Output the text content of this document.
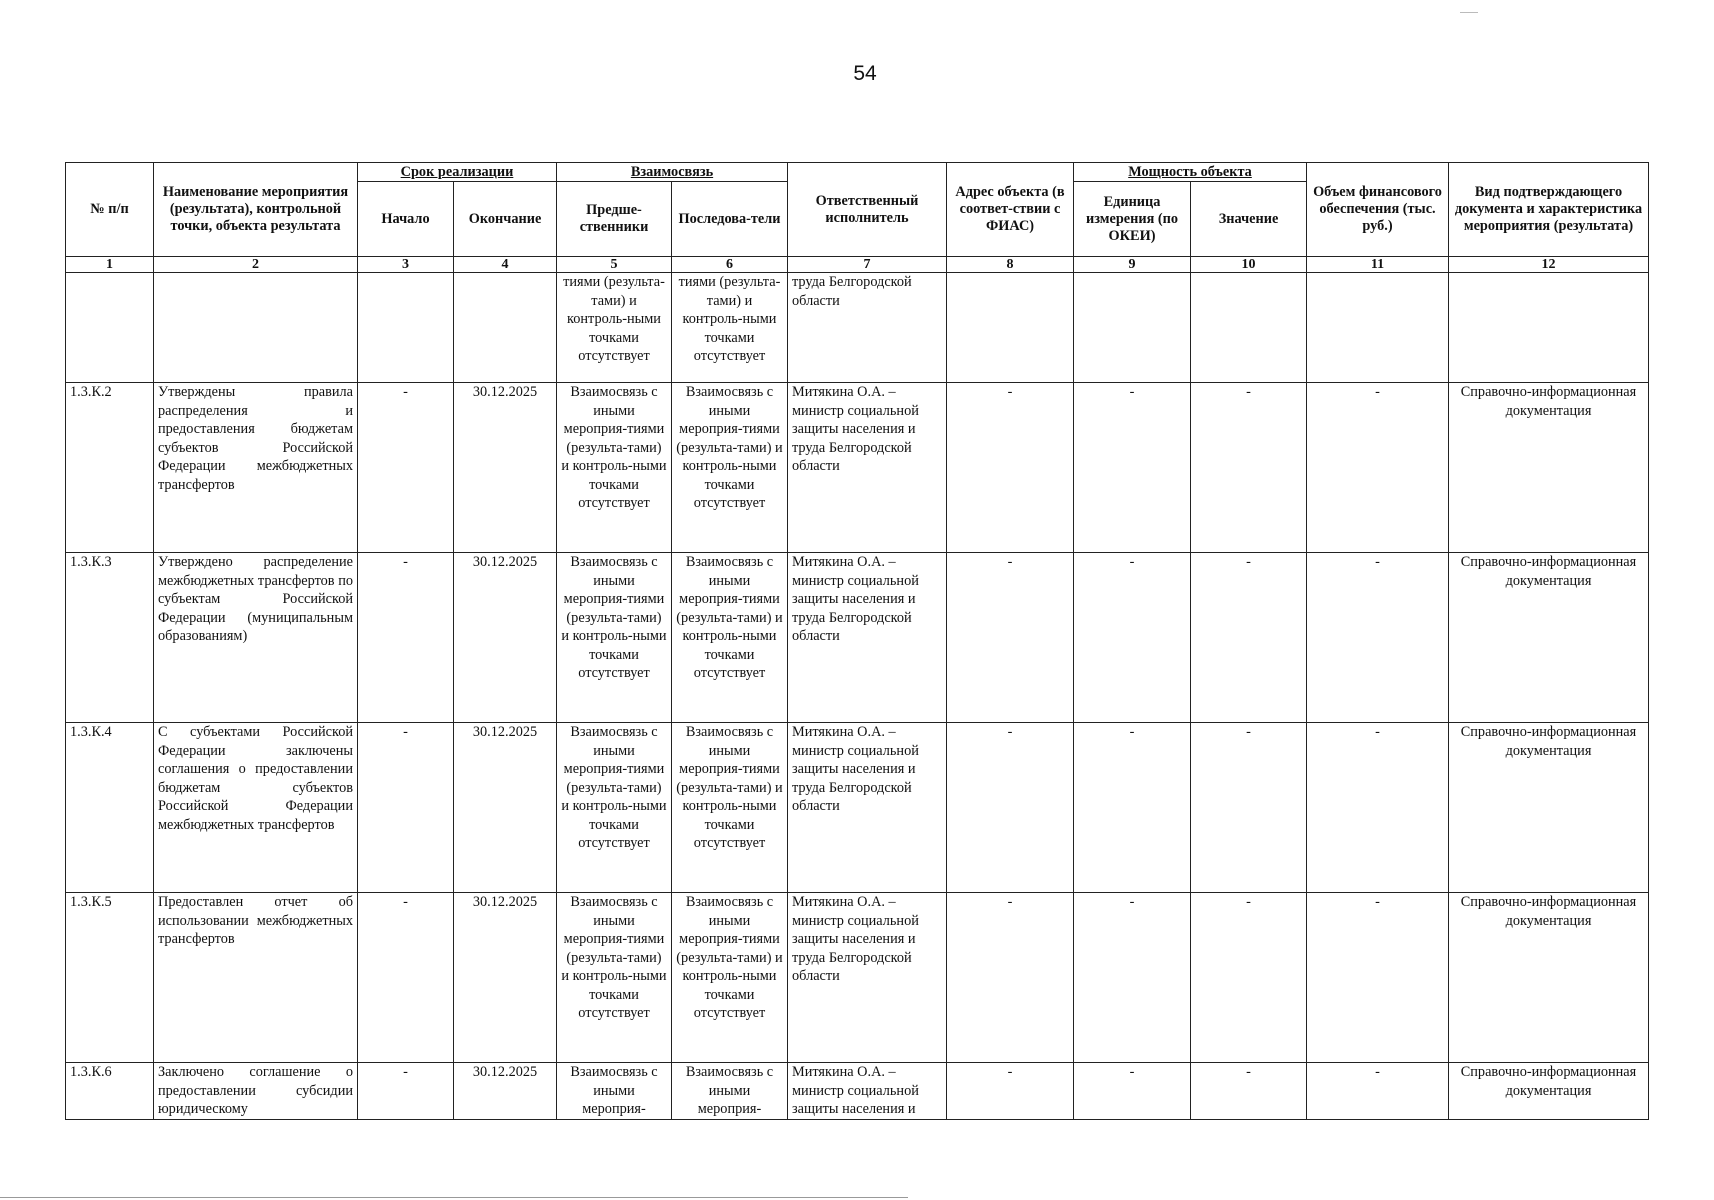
54
№ п/п	Наименование мероприятия (результата), контрольной точки, объекта результата	Срок реализации		Взаимосвязь		Ответственный исполнитель	Адрес объекта (в соответ-ствии с ФИАС)	Мощность объекта		Объем финансового обеспечения (тыс. руб.)	Вид подтверждающего документа и характеристика мероприятия (результата)
		Начало	Окончание	Предше-ственники	Последова-тели			Единица измерения (по ОКЕИ)	Значение		
1	2	3	4	5	6	7	8	9	10	11	12
				тиями (результа-тами) и контроль-ными точками отсутствует	тиями (результа-тами) и контроль-ными точками отсутствует	труда Белгородской области					
1.3.К.2	Утверждены правила распределения и предоставления бюджетам субъектов Российской Федерации межбюджетных трансфертов	-	30.12.2025	Взаимосвязь с иными мероприя-тиями (результа-тами) и контроль-ными точками отсутствует	Взаимосвязь с иными мероприя-тиями (результа-тами) и контроль-ными точками отсутствует	Митякина О.А. – министр социальной защиты населения и труда Белгородской области	-	-	-	-	Справочно-информационная документация
1.3.К.3	Утверждено распределение межбюджетных трансфертов по субъектам Российской Федерации (муниципальным образованиям)	-	30.12.2025	Взаимосвязь с иными мероприя-тиями (результа-тами) и контроль-ными точками отсутствует	Взаимосвязь с иными мероприя-тиями (результа-тами) и контроль-ными точками отсутствует	Митякина О.А. – министр социальной защиты населения и труда Белгородской области	-	-	-	-	Справочно-информационная документация
1.3.К.4	С субъектами Российской Федерации заключены соглашения о предоставлении бюджетам субъектов Российской Федерации межбюджетных трансфертов	-	30.12.2025	Взаимосвязь с иными мероприя-тиями (результа-тами) и контроль-ными точками отсутствует	Взаимосвязь с иными мероприя-тиями (результа-тами) и контроль-ными точками отсутствует	Митякина О.А. – министр социальной защиты населения и труда Белгородской области	-	-	-	-	Справочно-информационная документация
1.3.К.5	Предоставлен отчет об использовании межбюджетных трансфертов	-	30.12.2025	Взаимосвязь с иными мероприя-тиями (результа-тами) и контроль-ными точками отсутствует	Взаимосвязь с иными мероприя-тиями (результа-тами) и контроль-ными точками отсутствует	Митякина О.А. – министр социальной защиты населения и труда Белгородской области	-	-	-	-	Справочно-информационная документация
1.3.К.6	Заключено соглашение о предоставлении субсидии юридическому	-	30.12.2025	Взаимосвязь с иными мероприя-	Взаимосвязь с иными мероприя-	Митякина О.А. – министр социальной защиты населения и	-	-	-	-	Справочно-информационная документация
